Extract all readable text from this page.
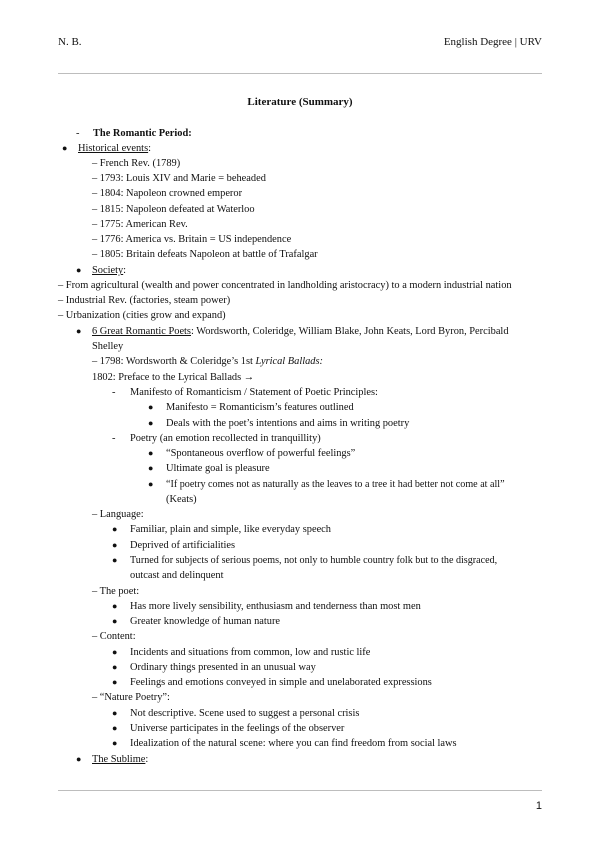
N. B.	English Degree | URV
Literature (Summary)
- The Romantic Period:
● Historical events:
– French Rev. (1789)
– 1793: Louis XIV and Marie = beheaded
– 1804: Napoleon crowned emperor
– 1815: Napoleon defeated at Waterloo
– 1775: American Rev.
– 1776: America vs. Britain = US independence
– 1805: Britain defeats Napoleon at battle of Trafalgar
● Society:
– From agricultural (wealth and power concentrated in landholding aristocracy) to a modern industrial nation
– Industrial Rev. (factories, steam power)
– Urbanization (cities grow and expand)
● 6 Great Romantic Poets: Wordsworth, Coleridge, William Blake, John Keats, Lord Byron, Percibald
Shelley
– 1798: Wordsworth & Coleridge’s 1st Lyrical Ballads:
1802: Preface to the Lyrical Ballads →
- Manifesto of Romanticism / Statement of Poetic Principles:
● Manifesto = Romanticism’s features outlined
● Deals with the poet’s intentions and aims in writing poetry
- Poetry (an emotion recollected in tranquillity)
● “Spontaneous overflow of powerful feelings”
● Ultimate goal is pleasure
● “If poetry comes not as naturally as the leaves to a tree it had better not come at all”
(Keats)
– Language:
● Familiar, plain and simple, like everyday speech
● Deprived of artificialities
● Turned for subjects of serious poems, not only to humble country folk but to the disgraced,
outcast and delinquent
– The poet:
● Has more lively sensibility, enthusiasm and tenderness than most men
● Greater knowledge of human nature
– Content:
● Incidents and situations from common, low and rustic life
● Ordinary things presented in an unusual way
● Feelings and emotions conveyed in simple and unelaborated expressions
– “Nature Poetry”:
● Not descriptive. Scene used to suggest a personal crisis
● Universe participates in the feelings of the observer
● Idealization of the natural scene: where you can find freedom from social laws
● The Sublime:
1
